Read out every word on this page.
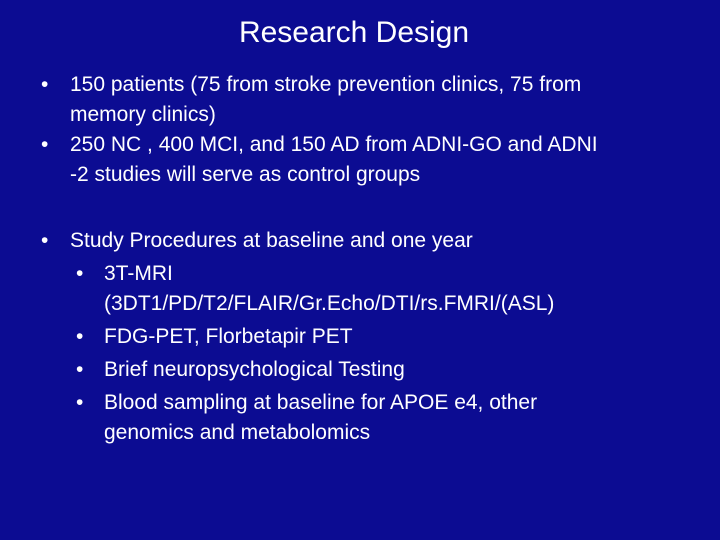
Research Design
• 150 patients (75 from stroke prevention clinics, 75 from
memory clinics)
• 250 NC , 400 MCI, and 150 AD from ADNI-GO and ADNI
-2 studies will serve as control groups
• Study Procedures at baseline and one year
• 3T-MRI
(3DT1/PD/T2/FLAIR/Gr.Echo/DTI/rs.FMRI/(ASL)
• FDG-PET, Florbetapir PET
• Brief neuropsychological Testing
• Blood sampling at baseline for APOE e4, other
genomics and metabolomics
